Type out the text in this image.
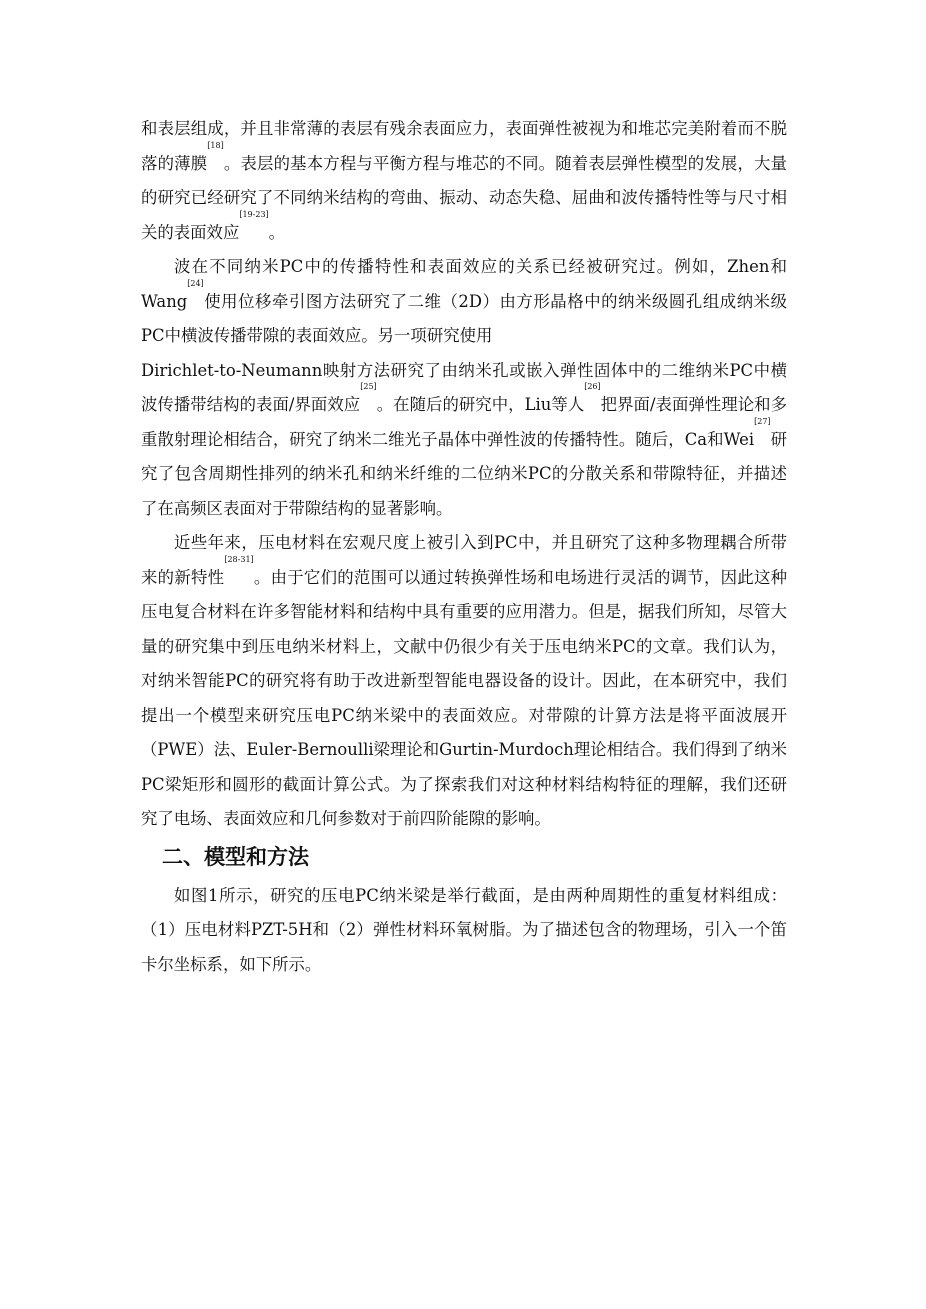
和表层组成，并且非常薄的表层有残余表面应力，表面弹性被视为和堆芯完美附着而不脱落的薄膜[18]。表层的基本方程与平衡方程与堆芯的不同。随着表层弹性模型的发展，大量的研究已经研究了不同纳米结构的弯曲、振动、动态失稳、屈曲和波传播特性等与尺寸相关的表面效应[19-23]。

波在不同纳米PC中的传播特性和表面效应的关系已经被研究过。例如，Zhen和Wang[24]使用位移牵引图方法研究了二维（2D）由方形晶格中的纳米级圆孔组成纳米级PC中横波传播带隙的表面效应。另一项研究使用
Dirichlet-to-Neumann映射方法研究了由纳米孔或嵌入弹性固体中的二维纳米PC中横波传播带结构的表面/界面效应[25]。在随后的研究中，Liu等人[26]把界面/表面弹性理论和多重散射理论相结合，研究了纳米二维光子晶体中弹性波的传播特性。随后，Ca和Wei[27]研究了包含周期性排列的纳米孔和纳米纤维的二位纳米PC的分散关系和带隙特征，并描述了在高频区表面对于带隙结构的显著影响。

近些年来，压电材料在宏观尺度上被引入到PC中，并且研究了这种多物理耦合所带来的新特性[28-31]。由于它们的范围可以通过转换弹性场和电场进行灵活的调节，因此这种压电复合材料在许多智能材料和结构中具有重要的应用潜力。但是，据我们所知，尽管大量的研究集中到压电纳米材料上，文献中仍很少有关于压电纳米PC的文章。我们认为，对纳米智能PC的研究将有助于改进新型智能电器设备的设计。因此，在本研究中，我们提出一个模型来研究压电PC纳米梁中的表面效应。对带隙的计算方法是将平面波展开（PWE）法、Euler-Bernoulli梁理论和Gurtin-Murdoch理论相结合。我们得到了纳米PC梁矩形和圆形的截面计算公式。为了探索我们对这种材料结构特征的理解，我们还研究了电场、表面效应和几何参数对于前四阶能隙的影响。

二、模型和方法

如图1所示，研究的压电PC纳米梁是举行截面，是由两种周期性的重复材料组成：（1）压电材料PZT-5H和（2）弹性材料环氧树脂。为了描述包含的物理场，引入一个笛卡尔坐标系，如下所示。
